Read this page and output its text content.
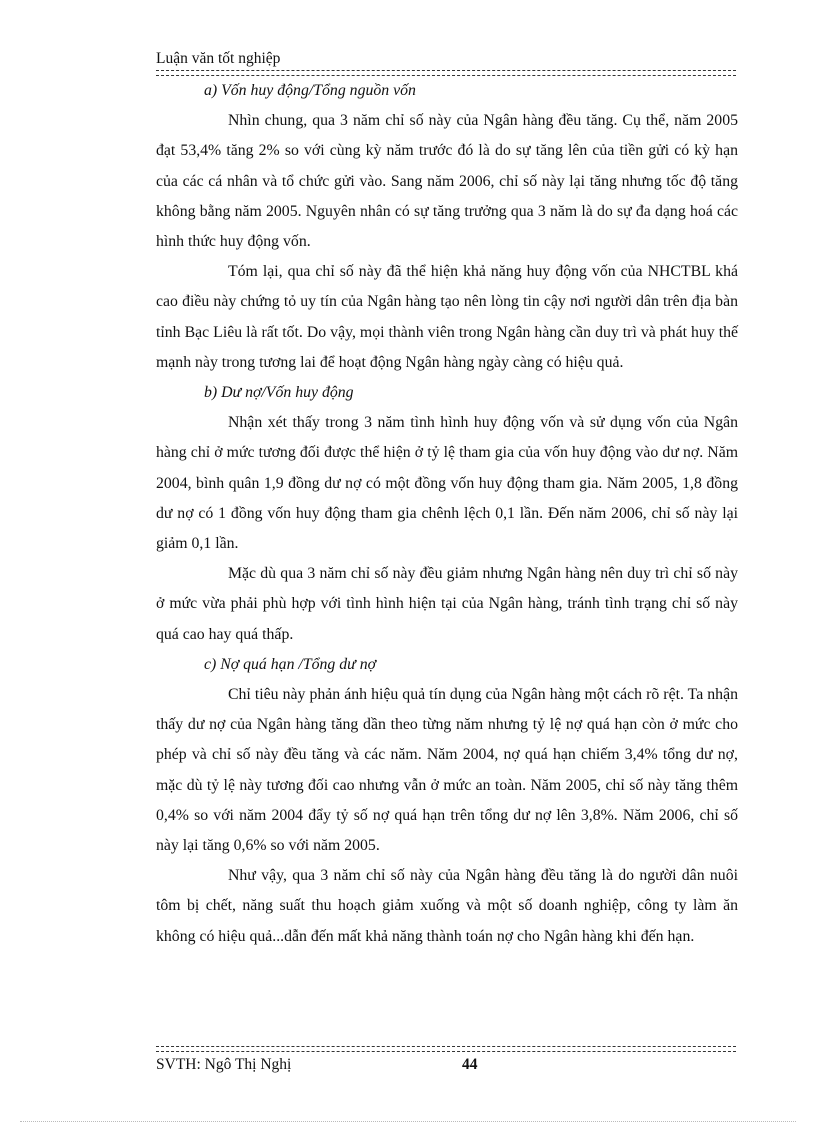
Luận văn tốt nghiệp

a) Vốn huy động/Tổng nguồn vốn

Nhìn chung, qua 3 năm chỉ số này của Ngân hàng đều tăng. Cụ thể, năm 2005 đạt 53,4% tăng 2% so với cùng kỳ năm trước đó là do sự tăng lên của tiền gửi có kỳ hạn của các cá nhân và tổ chức gửi vào. Sang năm 2006, chỉ số này lại tăng nhưng tốc độ tăng không bằng năm 2005. Nguyên nhân có sự tăng trưởng qua 3 năm là do sự đa dạng hoá các hình thức huy động vốn.

Tóm lại, qua chỉ số này đã thể hiện khả năng huy động vốn của NHCTBL khá cao điều này chứng tỏ uy tín của Ngân hàng tạo nên lòng tin cậy nơi người dân trên địa bàn tỉnh Bạc Liêu là rất tốt. Do vậy, mọi thành viên trong Ngân hàng cần duy trì và phát huy thế mạnh này trong tương lai để hoạt động Ngân hàng ngày càng có hiệu quả.

b) Dư nợ/Vốn huy động

Nhận xét thấy trong 3 năm tình hình huy động vốn và sử dụng vốn của Ngân hàng chỉ ở mức tương đối được thể hiện ở tỷ lệ tham gia của vốn huy động vào dư nợ. Năm 2004, bình quân 1,9 đồng dư nợ có một đồng vốn huy động tham gia. Năm 2005, 1,8 đồng dư nợ có 1 đồng vốn huy động tham gia chênh lệch 0,1 lần. Đến năm 2006, chỉ số này lại giảm 0,1 lần.

Mặc dù qua 3 năm chỉ số này đều giảm nhưng Ngân hàng nên duy trì chỉ số này ở mức vừa phải phù hợp với tình hình hiện tại của Ngân hàng, tránh tình trạng chỉ số này quá cao hay quá thấp.

c) Nợ quá hạn /Tổng dư nợ

Chỉ tiêu này phản ánh hiệu quả tín dụng của Ngân hàng một cách rõ rệt. Ta nhận thấy dư nợ của Ngân hàng tăng dần theo từng năm nhưng tỷ lệ nợ quá hạn còn ở mức cho phép và chỉ số này đều tăng và các năm. Năm 2004, nợ quá hạn chiếm 3,4% tổng dư nợ, mặc dù tỷ lệ này tương đối cao nhưng vẫn ở mức an toàn. Năm 2005, chỉ số này tăng thêm 0,4% so với năm 2004 đẩy tỷ số nợ quá hạn trên tổng dư nợ lên 3,8%. Năm 2006, chỉ số này lại tăng 0,6% so với năm 2005.

Như vậy, qua 3 năm chỉ số này của Ngân hàng đều tăng là do người dân nuôi tôm bị chết, năng suất thu hoạch giảm xuống và một số doanh nghiệp, công ty làm ăn không có hiệu quả...dẫn đến mất khả năng thành toán nợ cho Ngân hàng khi đến hạn.

SVTH: Ngô Thị Nghị	44
